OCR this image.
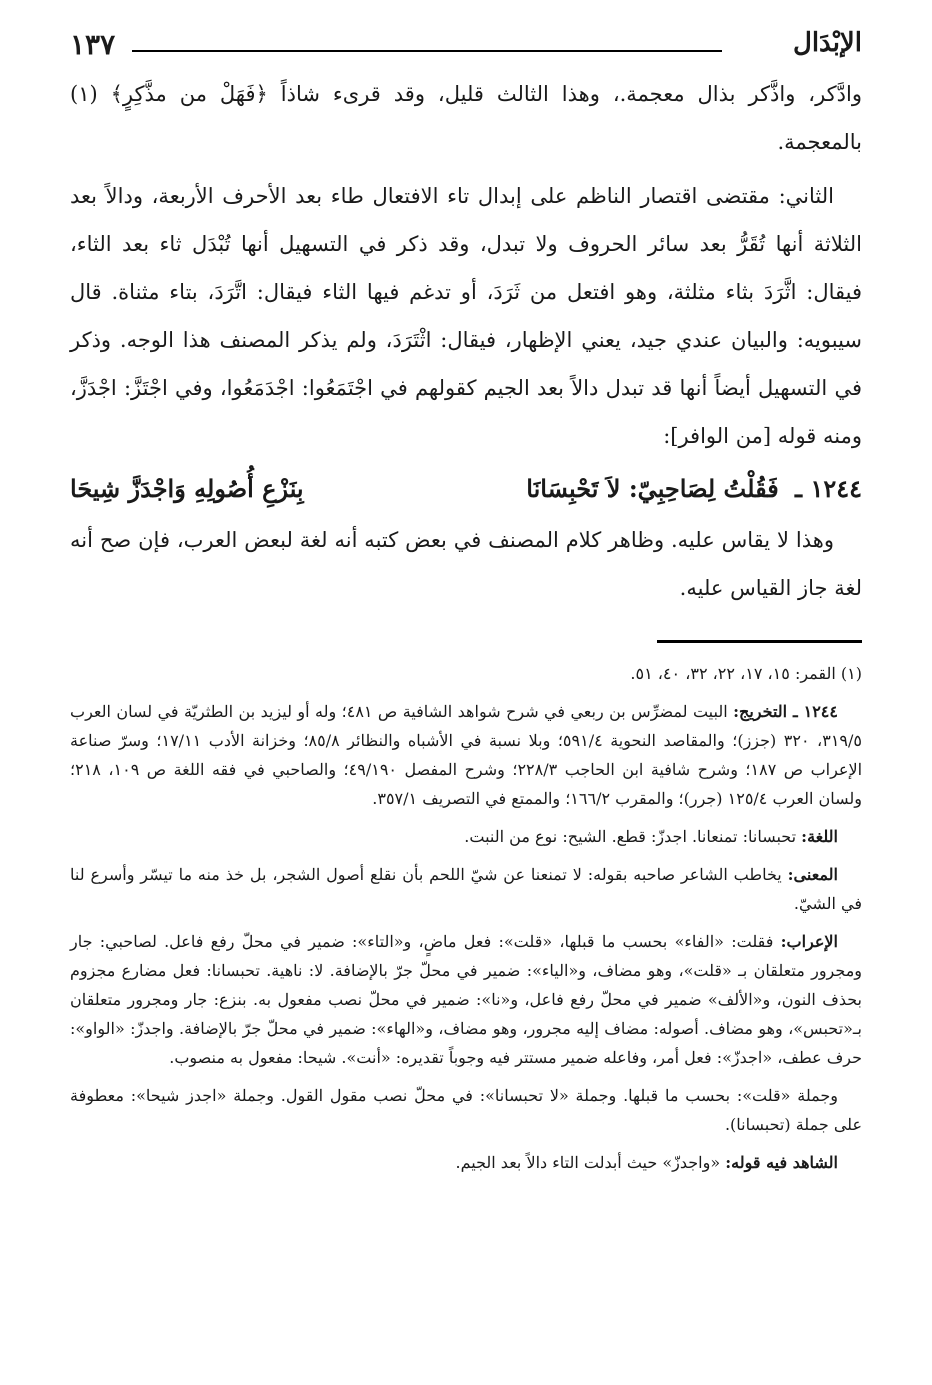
الإبْدَال
١٣٧

وادَّكر، واذَّكر بذال معجمة.، وهذا الثالث قليل، وقد قرىء شاذاً ﴿فَهَلْ من مذَّكِرٍ﴾ (١) بالمعجمة.

الثاني: مقتضى اقتصار الناظم على إبدال تاء الافتعال طاء بعد الأحرف الأربعة، ودالاً بعد الثلاثة أنها تُقَرُّ بعد سائر الحروف ولا تبدل، وقد ذكر في التسهيل أنها تُبْدَل ثاء بعد الثاء، فيقال: اثَّرَدَ بثاء مثلثة، وهو افتعل من ثَرَدَ، أو تدغم فيها الثاء فيقال: اتَّرَدَ، بتاء مثناة. قال سيبويه: والبيان عندي جيد، يعني الإظهار، فيقال: اثْتَرَدَ، ولم يذكر المصنف هذا الوجه. وذكر في التسهيل أيضاً أنها قد تبدل دالاً بعد الجيم كقولهم في اجْتَمَعُوا: اجْدَمَعُوا، وفي اجْتَزَّ: اجْدَزَّ، ومنه قوله [من الوافر]:

١٢٤٤ ـ فَقُلْتُ لِصَاحِبِيّ: لاَ تَحْبِسَانَا
بِنَزْعِ أُصُولِهِ وَاجْدَزَّ شِيحَا

وهذا لا يقاس عليه. وظاهر كلام المصنف في بعض كتبه أنه لغة لبعض العرب، فإن صح أنه لغة جاز القياس عليه.

(١) القمر: ١٥، ١٧، ٢٢، ٣٢، ٤٠، ٥١.

١٢٤٤ ـ التخريج: البيت لمضرِّس بن ربعي في شرح شواهد الشافية ص ٤٨١؛ وله أو ليزيد بن الطثريّة في لسان العرب ٣١٩/٥، ٣٢٠ (جزز)؛ والمقاصد النحوية ٥٩١/٤؛ وبلا نسبة في الأشباه والنظائر ٨٥/٨؛ وخزانة الأدب ١٧/١١؛ وسرّ صناعة الإعراب ص ١٨٧؛ وشرح شافية ابن الحاجب ٢٢٨/٣؛ وشرح المفصل ٤٩/١٩٠؛ والصاحبي في فقه اللغة ص ١٠٩، ٢١٨؛ ولسان العرب ١٢٥/٤ (جرر)؛ والمقرب ١٦٦/٢؛ والممتع في التصريف ٣٥٧/١.

اللغة: تحبسانا: تمنعانا. اجدزّ: قطع. الشيح: نوع من النبت.

المعنى: يخاطب الشاعر صاحبه بقوله: لا تمنعنا عن شيّ اللحم بأن نقلع أصول الشجر، بل خذ منه ما تيسّر وأسرع لنا في الشيّ.

الإعراب: فقلت: «الفاء» بحسب ما قبلها، «قلت»: فعل ماضٍ، و«التاء»: ضمير في محلّ رفع فاعل. لصاحبي: جار ومجرور متعلقان بـ «قلت»، وهو مضاف، و«الياء»: ضمير في محلّ جرّ بالإضافة. لا: ناهية. تحبسانا: فعل مضارع مجزوم بحذف النون، و«الألف» ضمير في محلّ رفع فاعل، و«نا»: ضمير في محلّ نصب مفعول به. بنزع: جار ومجرور متعلقان بـ«تحبس»، وهو مضاف. أصوله: مضاف إليه مجرور، وهو مضاف، و«الهاء»: ضمير في محلّ جرّ بالإضافة. واجدزّ: «الواو»: حرف عطف، «اجدزّ»: فعل أمر، وفاعله ضمير مستتر فيه وجوباً تقديره: «أنت». شيحا: مفعول به منصوب.

وجملة «قلت»: بحسب ما قبلها. وجملة «لا تحبسانا»: في محلّ نصب مقول القول. وجملة «اجدز شيحا»: معطوفة على جملة (تحبسانا).

الشاهد فيه قوله: «واجدزّ» حيث أبدلت التاء دالاً بعد الجيم.
